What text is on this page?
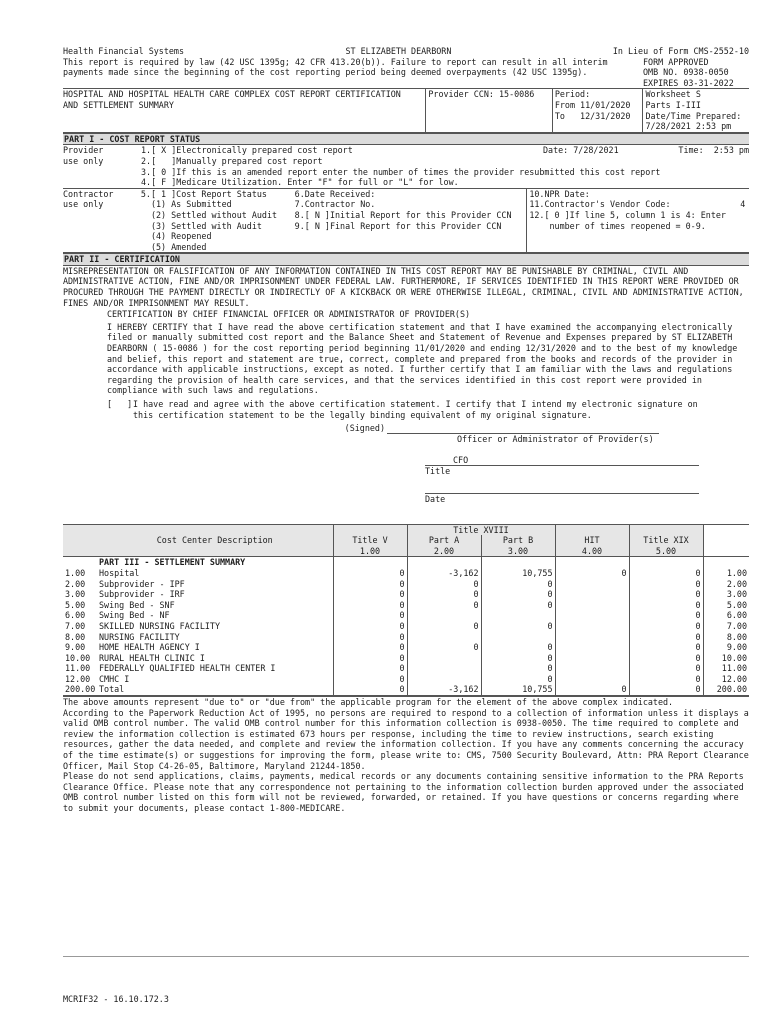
Health Financial Systems	ST ELIZABETH DEARBORN	In Lieu of Form CMS-2552-10
This report is required by law (42 USC 1395g; 42 CFR 413.20(b)). Failure to report can result in all interim
payments made since the beginning of the cost reporting period being deemed overpayments (42 USC 1395g).

FORM APPROVED
OMB NO. 0938-0050
EXPIRES 03-31-2022
HOSPITAL AND HOSPITAL HEALTH CARE COMPLEX COST REPORT CERTIFICATION
AND SETTLEMENT SUMMARY
Provider CCN: 15-0086	Period:
From 11/01/2020
To   12/31/2020
Worksheet S
Parts I-III
Date/Time Prepared:
7/28/2021 2:53 pm
PART I - COST REPORT STATUS
Provider
use only
1.[ X ]Electronically prepared cost report	Date: 7/28/2021	Time:  2:53 pm
2.[   ]Manually prepared cost report
3.[ 0 ]If this is an amended report enter the number of times the provider resubmitted this cost report
4.[ F ]Medicare Utilization. Enter "F" for full or "L" for low.
Contractor
use only
5.[ 1 ]Cost Report Status
(1) As Submitted
(2) Settled without Audit
(3) Settled with Audit
(4) Reopened
(5) Amended
6.Date Received:
7.Contractor No.
8.[ N ]Initial Report for this Provider CCN
9.[ N ]Final Report for this Provider CCN
10.NPR Date:
11.Contractor's Vendor Code:	4
12.[ 0 ]If line 5, column 1 is 4: Enter
number of times reopened = 0-9.

PART II - CERTIFICATION
MISREPRESENTATION OR FALSIFICATION OF ANY INFORMATION CONTAINED IN THIS COST REPORT MAY BE PUNISHABLE BY CRIMINAL, CIVIL AND ADMINISTRATIVE ACTION, FINE AND/OR IMPRISONMENT UNDER FEDERAL LAW. FURTHERMORE, IF SERVICES IDENTIFIED IN THIS REPORT WERE PROVIDED OR PROCURED THROUGH THE PAYMENT DIRECTLY OR INDIRECTLY OF A KICKBACK OR WERE OTHERWISE ILLEGAL, CRIMINAL, CIVIL AND ADMINISTRATIVE ACTION, FINES AND/OR IMPRISONMENT MAY RESULT.
CERTIFICATION BY CHIEF FINANCIAL OFFICER OR ADMINISTRATOR OF PROVIDER(S)
I HEREBY CERTIFY that I have read the above certification statement and that I have examined the accompanying electronically filed or manually submitted cost report and the Balance Sheet and Statement of Revenue and Expenses prepared by ST ELIZABETH DEARBORN ( 15-0086 ) for the cost reporting period beginning 11/01/2020 and ending 12/31/2020 and to the best of my knowledge and belief, this report and statement are true, correct, complete and prepared from the books and records of the provider in accordance with applicable instructions, except as noted. I further certify that I am familiar with the laws and regulations regarding the provision of health care services, and that the services identified in this cost report were provided in compliance with such laws and regulations.
[   ] I have read and agree with the above certification statement. I certify that I intend my electronic signature on this certification statement to be the legally binding equivalent of my original signature.
(Signed)
Officer or Administrator of Provider(s)
CFO
Title
Date
			Title XVIII				
	Cost Center Description	Title V	Part A	Part B	HIT	Title XIX	
		1.00	2.00	3.00	4.00	5.00	
	PART III - SETTLEMENT SUMMARY						
1.00	Hospital	0	-3,162	10,755	0	0	1.00
2.00	Subprovider - IPF	0	0	0		0	2.00
3.00	Subprovider - IRF	0	0	0		0	3.00
5.00	Swing Bed - SNF	0	0	0		0	5.00
6.00	Swing Bed - NF	0				0	6.00
7.00	SKILLED NURSING FACILITY	0	0	0		0	7.00
8.00	NURSING FACILITY	0				0	8.00
9.00	HOME HEALTH AGENCY I	0	0	0		0	9.00
10.00	RURAL HEALTH CLINIC I	0		0		0	10.00
11.00	FEDERALLY QUALIFIED HEALTH CENTER I	0		0		0	11.00
12.00	CMHC I	0		0		0	12.00
200.00	Total	0	-3,162	10,755	0	0	200.00
The above amounts represent "due to" or "due from" the applicable program for the element of the above complex indicated.
According to the Paperwork Reduction Act of 1995, no persons are required to respond to a collection of information unless it displays a valid OMB control number. The valid OMB control number for this information collection is 0938-0050. The time required to complete and review the information collection is estimated 673 hours per response, including the time to review instructions, search existing resources, gather the data needed, and complete and review the information collection. If you have any comments concerning the accuracy of the time estimate(s) or suggestions for improving the form, please write to: CMS, 7500 Security Boulevard, Attn: PRA Report Clearance Officer, Mail Stop C4-26-05, Baltimore, Maryland 21244-1850.
Please do not send applications, claims, payments, medical records or any documents containing sensitive information to the PRA Reports Clearance Office. Please note that any correspondence not pertaining to the information collection burden approved under the associated OMB control number listed on this form will not be reviewed, forwarded, or retained. If you have questions or concerns regarding where to submit your documents, please contact 1-800-MEDICARE.
MCRIF32 - 16.10.172.3
